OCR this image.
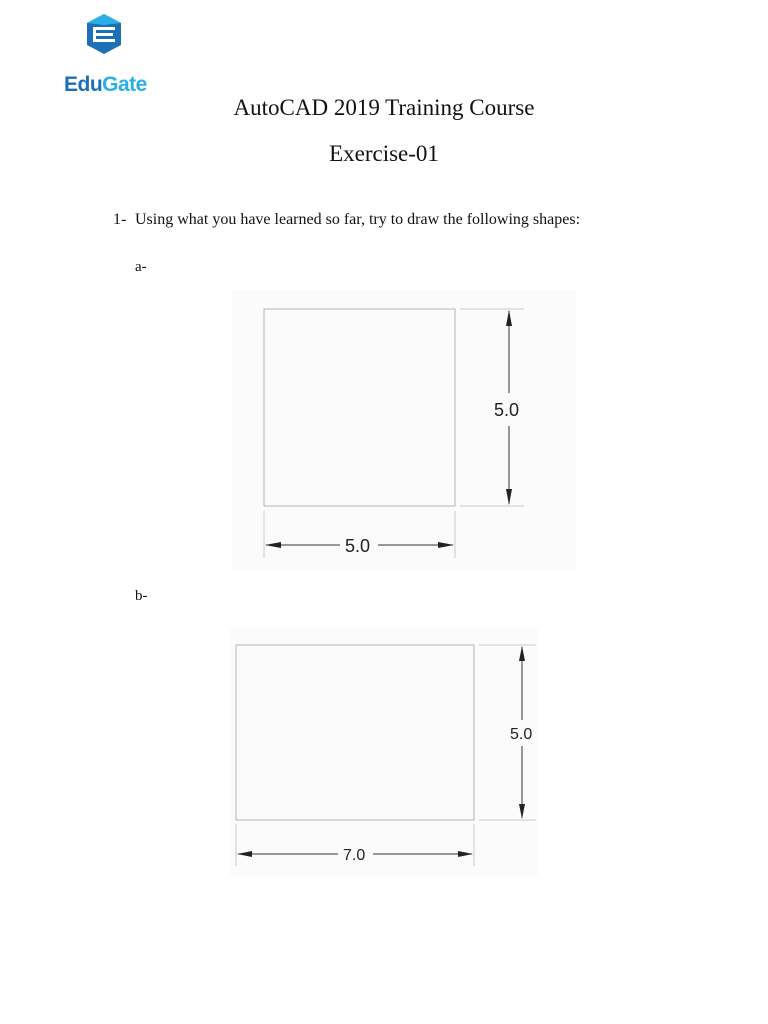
EduGate
AutoCAD 2019 Training Course
Exercise-01
1- Using what you have learned so far, try to draw the following shapes:
a-
5.0
5.0
b-
5.0
7.0
